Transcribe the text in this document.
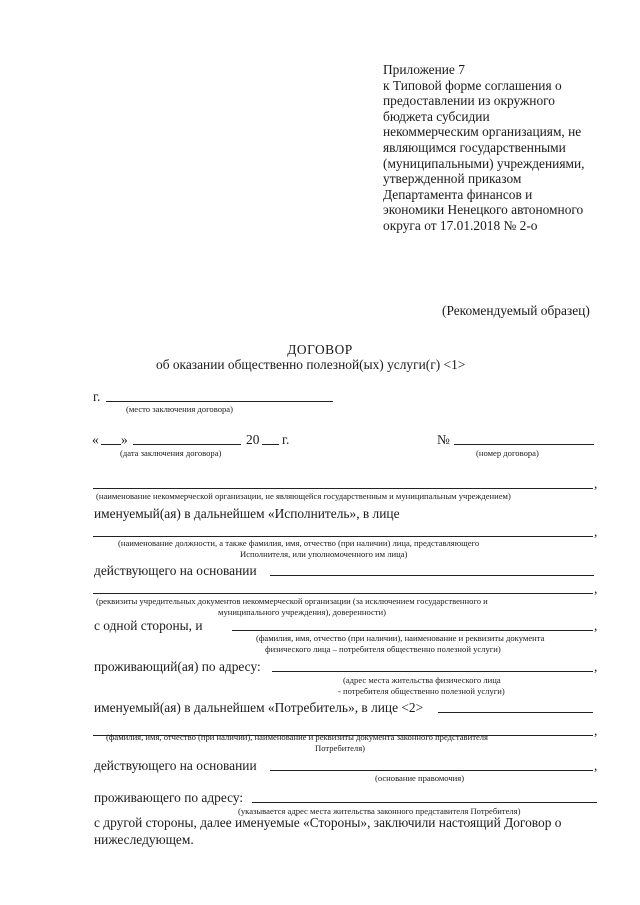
Приложение 7
к Типовой форме соглашения о
предоставлении из окружного
бюджета субсидии
некоммерческим организациям, не
являющимся государственными
(муниципальными) учреждениями,
утвержденной приказом
Департамента финансов и
экономики Ненецкого автономного
округа от 17.01.2018 № 2-о
(Рекомендуемый образец)
ДОГОВОР
об оказании общественно полезной(ых) услуги(г) <1>
г.
(место заключения договора)
« »	20 г.
(дата заключения договора)
№
(номер договора)
,
(наименование некоммерческой организации, не являющейся государственным и муниципальным учреждением)
именуемый(ая) в дальнейшем «Исполнитель», в лице
,
(наименование должности, а также фамилия, имя, отчество (при наличии) лица, представляющего
Исполнителя, или уполномоченного им лица)
действующего на основании
,
(реквизиты учредительных документов некоммерческой организации (за исключением государственного и
муниципального учреждения), доверенности)
с одной стороны, и	,
(фамилия, имя, отчество (при наличии), наименование и реквизиты документа
физического лица – потребителя общественно полезной услуги)
проживающий(ая) по адресу:	,
(адрес места жительства физического лица
- потребителя общественно полезной услуги)
именуемый(ая) в дальнейшем «Потребитель», в лице <2>
,
(фамилия, имя, отчество (при наличии), наименование и реквизиты документа законного представителя
Потребителя)
действующего на основании	,
(основание правомочия)
проживающего по адресу:
(указывается адрес места жительства законного представителя Потребителя)
с другой стороны, далее именуемые «Стороны», заключили настоящий Договор о
нижеследующем.
